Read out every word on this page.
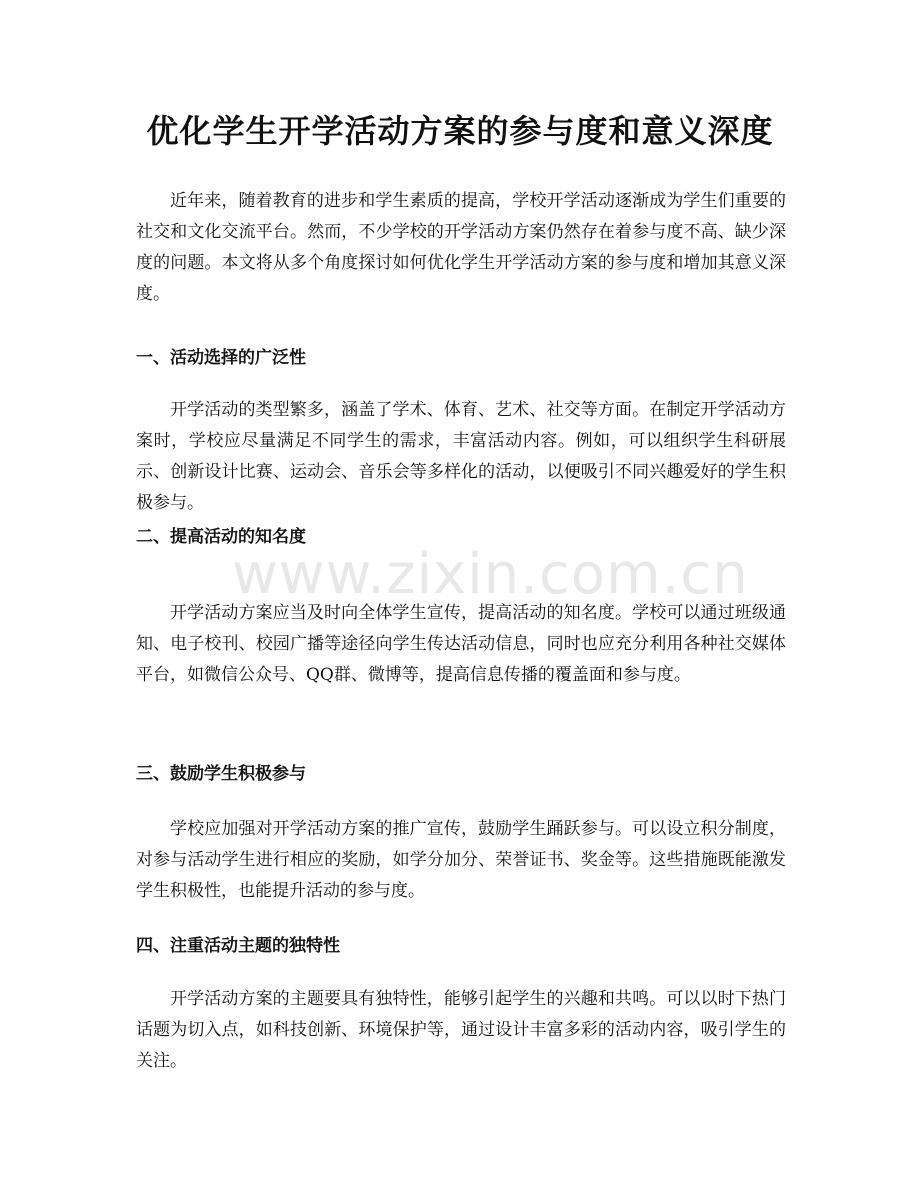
优化学生开学活动方案的参与度和意义深度

近年来，随着教育的进步和学生素质的提高，学校开学活动逐渐成为学生们重要的社交和文化交流平台。然而，不少学校的开学活动方案仍然存在着参与度不高、缺少深度的问题。本文将从多个角度探讨如何优化学生开学活动方案的参与度和增加其意义深度。

一、活动选择的广泛性

开学活动的类型繁多，涵盖了学术、体育、艺术、社交等方面。在制定开学活动方案时，学校应尽量满足不同学生的需求，丰富活动内容。例如，可以组织学生科研展示、创新设计比赛、运动会、音乐会等多样化的活动，以便吸引不同兴趣爱好的学生积极参与。

二、提高活动的知名度

开学活动方案应当及时向全体学生宣传，提高活动的知名度。学校可以通过班级通知、电子校刊、校园广播等途径向学生传达活动信息，同时也应充分利用各种社交媒体平台，如微信公众号、QQ群、微博等，提高信息传播的覆盖面和参与度。

三、鼓励学生积极参与

学校应加强对开学活动方案的推广宣传，鼓励学生踊跃参与。可以设立积分制度，对参与活动学生进行相应的奖励，如学分加分、荣誉证书、奖金等。这些措施既能激发学生积极性，也能提升活动的参与度。

四、注重活动主题的独特性

开学活动方案的主题要具有独特性，能够引起学生的兴趣和共鸣。可以以时下热门话题为切入点，如科技创新、环境保护等，通过设计丰富多彩的活动内容，吸引学生的关注。

www.zixin.com.cn
